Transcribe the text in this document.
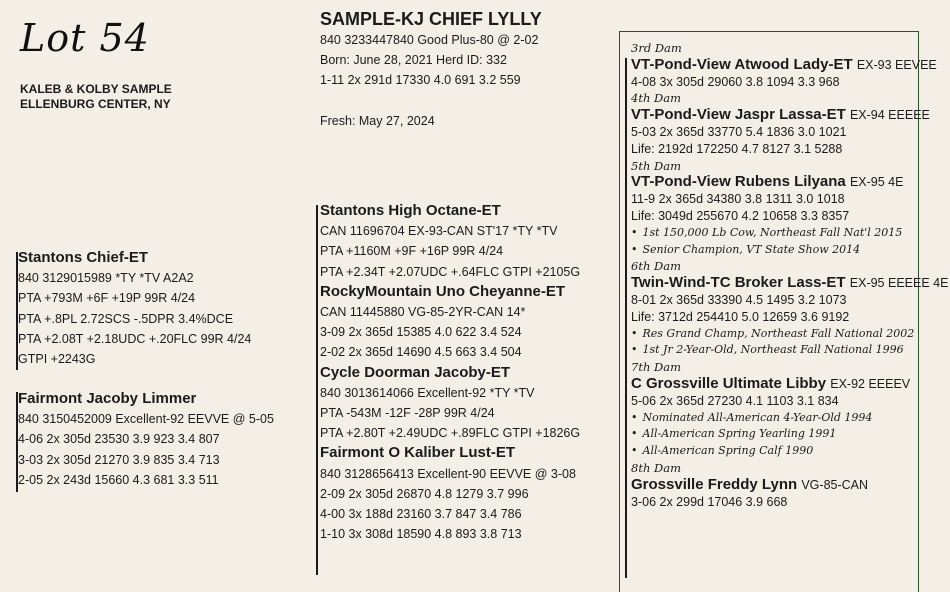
Lot 54
KALEB & KOLBY SAMPLE
ELLENBURG CENTER, NY
SAMPLE-KJ CHIEF LYLLY
840 3233447840 Good Plus-80 @ 2-02
Born: June 28, 2021 Herd ID: 332
1-11 2x 291d 17330 4.0 691 3.2 559
Fresh: May 27, 2024
Stantons Chief-ET
840 3129015989 *TY *TV A2A2
PTA +793M +6F +19P 99R 4/24
PTA +.8PL 2.72SCS -.5DPR 3.4%DCE
PTA +2.08T +2.18UDC +.20FLC 99R 4/24
GTPI +2243G
Fairmont Jacoby Limmer
840 3150452009 Excellent-92 EEVVE @ 5-05
4-06 2x 305d 23530 3.9 923 3.4 807
3-03 2x 305d 21270 3.9 835 3.4 713
2-05 2x 243d 15660 4.3 681 3.3 511
Stantons High Octane-ET
CAN 11696704 EX-93-CAN ST'17 *TY *TV
PTA +1160M +9F +16P 99R 4/24
PTA +2.34T +2.07UDC +.64FLC GTPI +2105G
RockyMountain Uno Cheyanne-ET
CAN 11445880 VG-85-2YR-CAN 14*
3-09 2x 365d 15385 4.0 622 3.4 524
2-02 2x 365d 14690 4.5 663 3.4 504
Cycle Doorman Jacoby-ET
840 3013614066 Excellent-92 *TY *TV
PTA -543M -12F -28P 99R 4/24
PTA +2.80T +2.49UDC +.89FLC GTPI +1826G
Fairmont O Kaliber Lust-ET
840 3128656413 Excellent-90 EEVVE @ 3-08
2-09 2x 305d 26870 4.8 1279 3.7 996
4-00 3x 188d 23160 3.7 847 3.4 786
1-10 3x 308d 18590 4.8 893 3.8 713
3rd Dam
VT-Pond-View Atwood Lady-ET EX-93 EEVEE
4-08 3x 305d 29060 3.8 1094 3.3 968
4th Dam
VT-Pond-View Jaspr Lassa-ET EX-94 EEEEE
5-03 2x 365d 33770 5.4 1836 3.0 1021
Life: 2192d 172250 4.7 8127 3.1 5288
5th Dam
VT-Pond-View Rubens Lilyana EX-95 4E
11-9 2x 365d 34380 3.8 1311 3.0 1018
Life: 3049d 255670 4.2 10658 3.3 8357
• 1st 150,000 Lb Cow, Northeast Fall Nat'l 2015
• Senior Champion, VT State Show 2014
6th Dam
Twin-Wind-TC Broker Lass-ET EX-95 EEEEE 4E
8-01 2x 365d 33390 4.5 1495 3.2 1073
Life: 3712d 254410 5.0 12659 3.6 9192
• Res Grand Champ, Northeast Fall National 2002
• 1st Jr 2-Year-Old, Northeast Fall National 1996
7th Dam
C Grossville Ultimate Libby EX-92 EEEEV
5-06 2x 365d 27230 4.1 1103 3.1 834
• Nominated All-American 4-Year-Old 1994
• All-American Spring Yearling 1991
• All-American Spring Calf 1990
8th Dam
Grossville Freddy Lynn VG-85-CAN
3-06 2x 299d 17046 3.9 668
